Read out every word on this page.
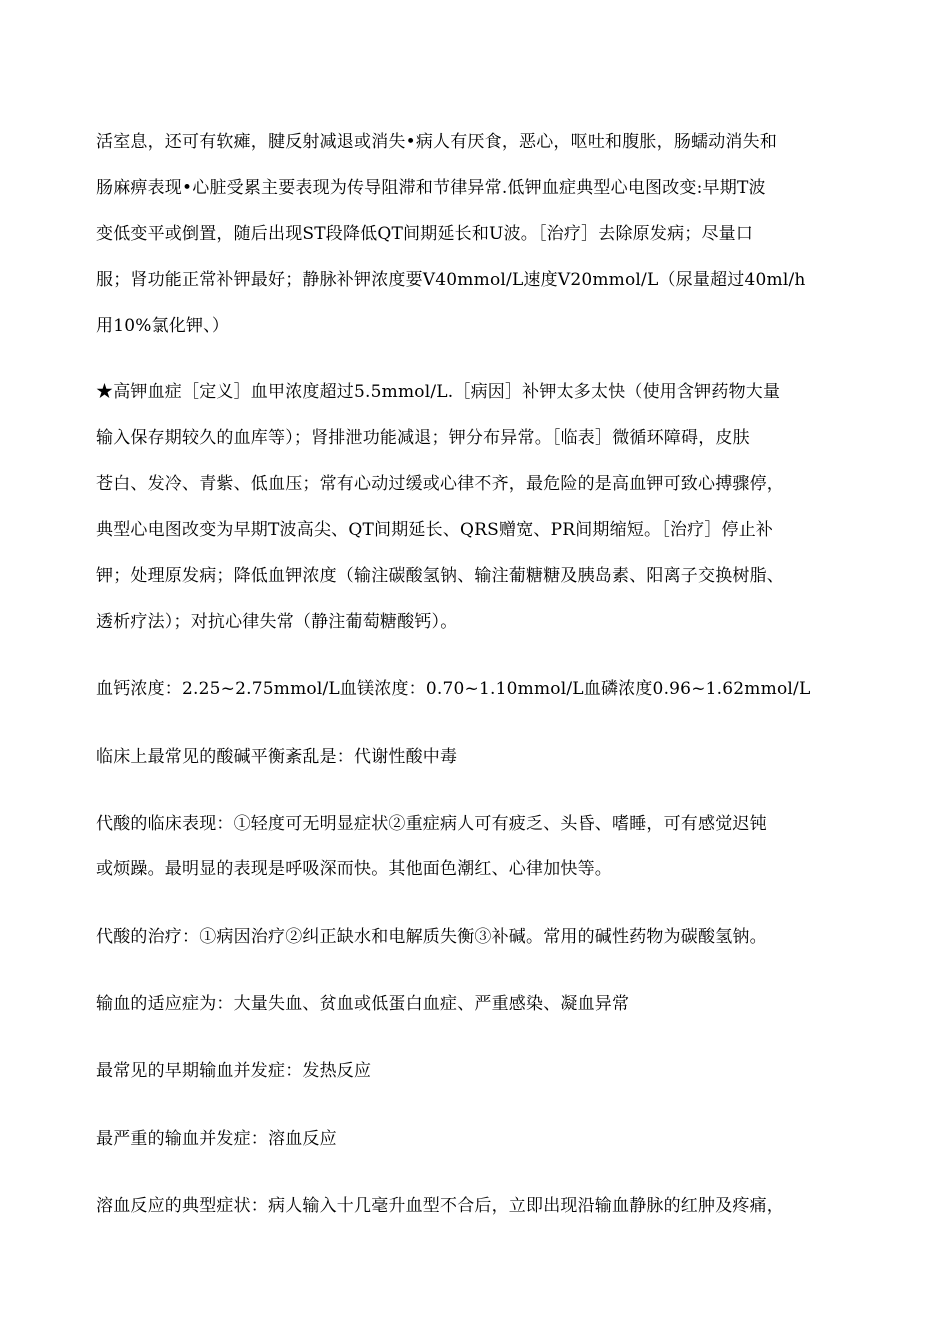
活室息，还可有软瘫，腱反射减退或消失•病人有厌食，恶心，呕吐和腹胀，肠蠕动消失和
肠麻痹表现•心脏受累主要表现为传导阻滞和节律异常.低钾血症典型心电图改变:早期T波
变低变平或倒置，随后出现ST段降低QT间期延长和U波。［治疗］去除原发病；尽量口
服；肾功能正常补钾最好；静脉补钾浓度要V40mmol/L速度V20mmol/L（尿量超过40ml/h
用10%氯化钾、）
★高钾血症［定义］血甲浓度超过5.5mmol/L.［病因］补钾太多太快（使用含钾药物大量
输入保存期较久的血库等）；肾排泄功能减退；钾分布异常。［临表］微循环障碍，皮肤
苍白、发冷、青紫、低血压；常有心动过缓或心律不齐，最危险的是高血钾可致心搏骤停，
典型心电图改变为早期T波高尖、QT间期延长、QRS赠宽、PR间期缩短。［治疗］停止补
钾；处理原发病；降低血钾浓度（输注碳酸氢钠、输注葡糖糖及胰岛素、阳离子交换树脂、
透析疗法）；对抗心律失常（静注葡萄糖酸钙）。
血钙浓度：2.25~2.75mmol/L血镁浓度：0.70~1.10mmol/L血磷浓度0.96~1.62mmol/L
临床上最常见的酸碱平衡紊乱是：代谢性酸中毒
代酸的临床表现：①轻度可无明显症状②重症病人可有疲乏、头昏、嗜睡，可有感觉迟钝
或烦躁。最明显的表现是呼吸深而快。其他面色潮红、心律加快等。
代酸的治疗：①病因治疗②纠正缺水和电解质失衡③补碱。常用的碱性药物为碳酸氢钠。
输血的适应症为：大量失血、贫血或低蛋白血症、严重感染、凝血异常
最常见的早期输血并发症：发热反应
最严重的输血并发症：溶血反应
溶血反应的典型症状：病人输入十几毫升血型不合后，立即出现沿输血静脉的红肿及疼痛，
